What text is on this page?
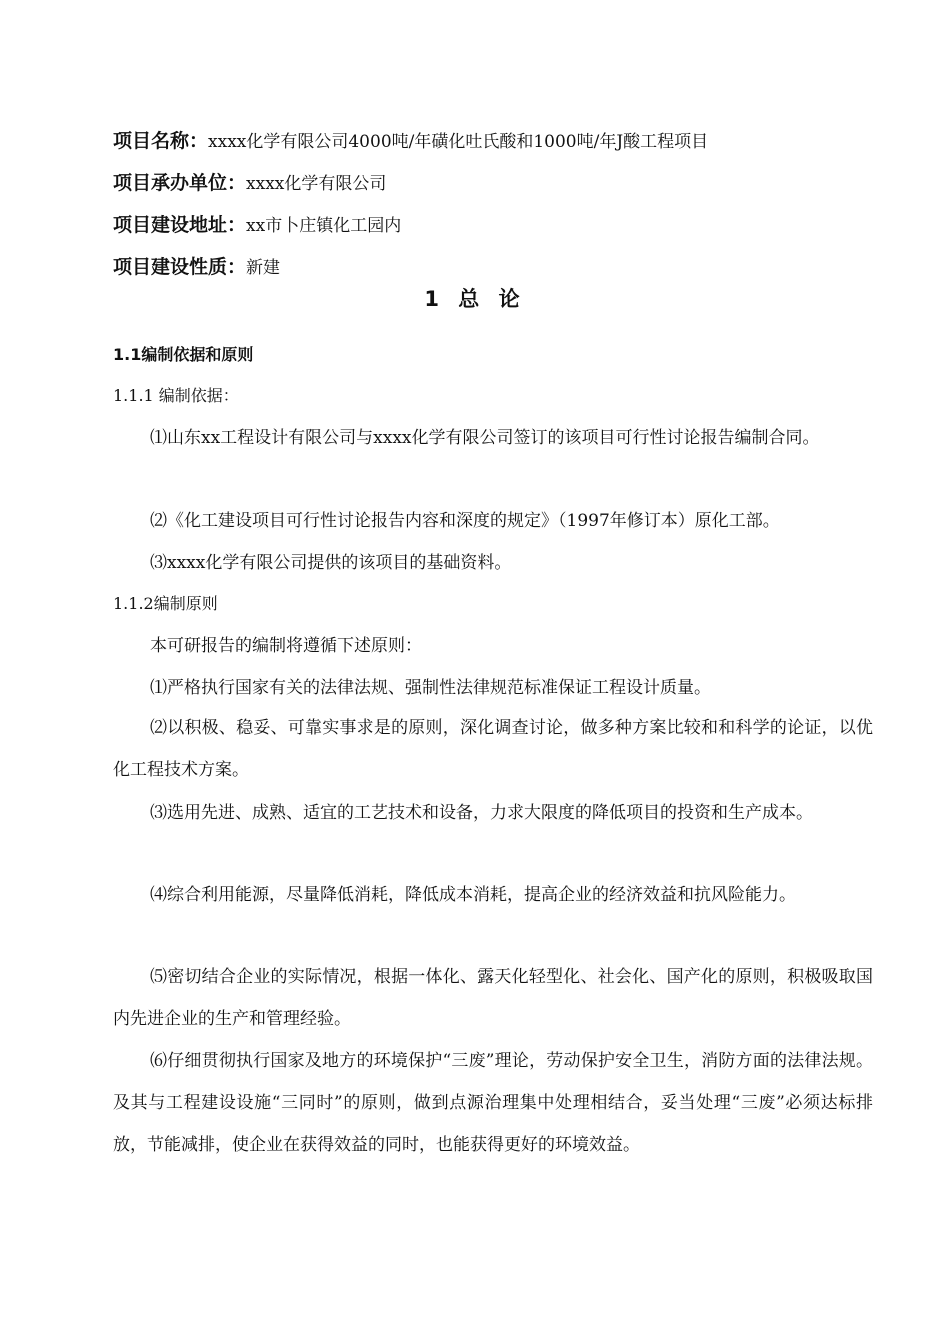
项目名称：xxxx化学有限公司4000吨/年磺化吐氏酸和1000吨/年J酸工程项目
项目承办单位：xxxx化学有限公司
项目建设地址：xx市卜庄镇化工园内
项目建设性质：新建
1 总 论
1.1编制依据和原则
1.1.1 编制依据：

⑴山东xx工程设计有限公司与xxxx化学有限公司签订的该项目可行性讨论报告编制合同。

⑵《化工建设项目可行性讨论报告内容和深度的规定》（1997年修订本）原化工部。

⑶xxxx化学有限公司提供的该项目的基础资料。

1.1.2编制原则

本可研报告的编制将遵循下述原则：

⑴严格执行国家有关的法律法规、强制性法律规范标准保证工程设计质量。

⑵以积极、稳妥、可靠实事求是的原则，深化调查讨论，做多种方案比较和和科学的论证，以优化工程技术方案。

⑶选用先进、成熟、适宜的工艺技术和设备，力求大限度的降低项目的投资和生产成本。

⑷综合利用能源，尽量降低消耗，降低成本消耗，提高企业的经济效益和抗风险能力。

⑸密切结合企业的实际情况，根据一体化、露天化轻型化、社会化、国产化的原则，积极吸取国内先进企业的生产和管理经验。

⑹仔细贯彻执行国家及地方的环境保护“三废”理论，劳动保护安全卫生，消防方面的法律法规。及其与工程建设设施“三同时”的原则，做到点源治理集中处理相结合，妥当处理“三废”必须达标排放，节能减排，使企业在获得效益的同时，也能获得更好的环境效益。
